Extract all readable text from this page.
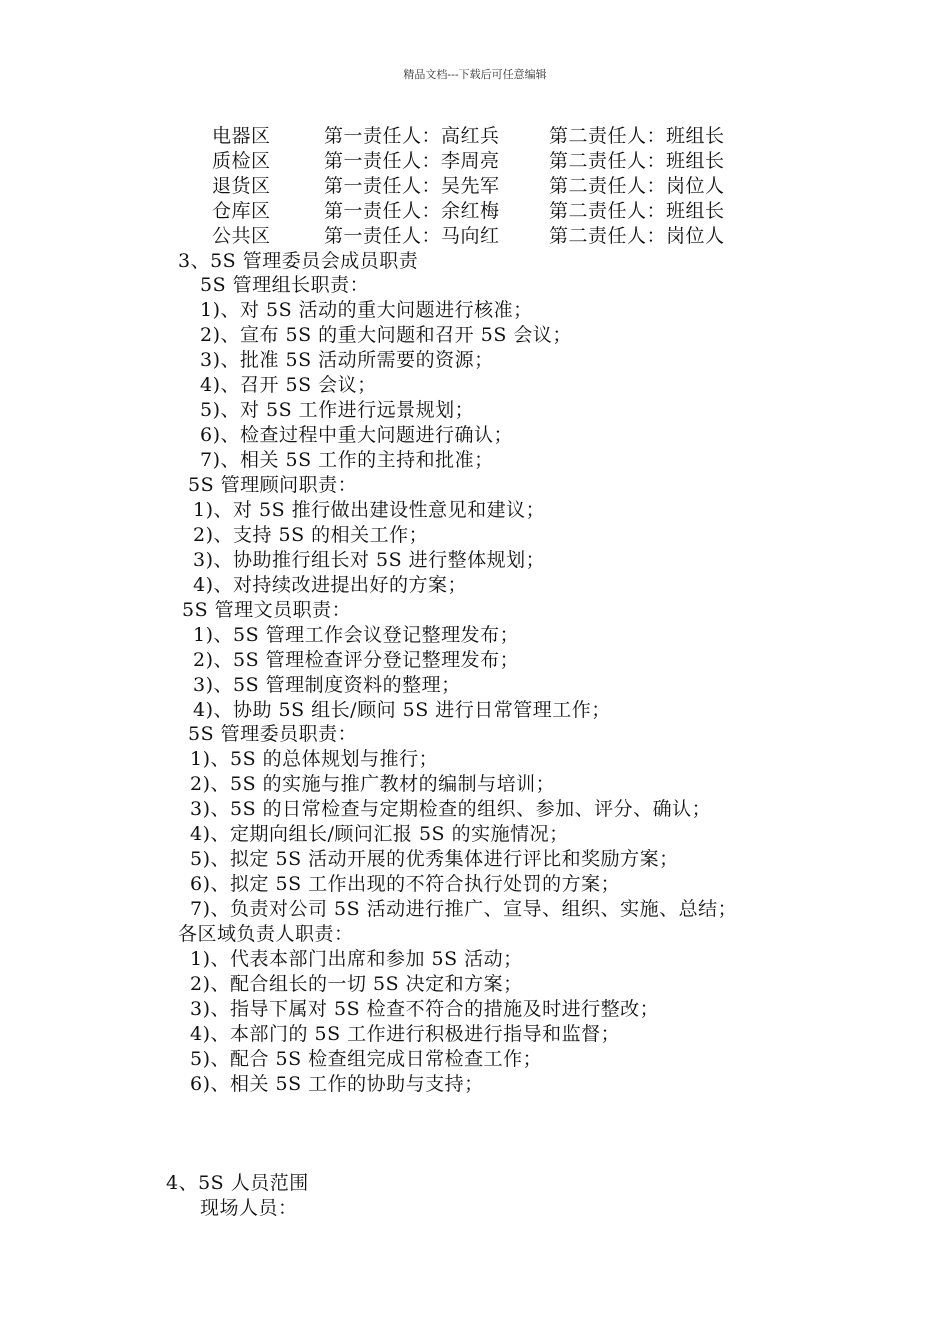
精品文档---下载后可任意编辑
电器区	第一责任人：高红兵	第二责任人：班组长
质检区	第一责任人：李周亮	第二责任人：班组长
退货区	第一责任人：吴先军	第二责任人：岗位人
仓库区	第一责任人：余红梅	第二责任人：班组长
公共区	第一责任人：马向红	第二责任人：岗位人
3、5S 管理委员会成员职责
5S 管理组长职责：
1)、对 5S 活动的重大问题进行核准；
2)、宣布 5S 的重大问题和召开 5S 会议；
3)、批准 5S 活动所需要的资源；
4)、召开 5S 会议；
5)、对 5S 工作进行远景规划；
6)、检查过程中重大问题进行确认；
7)、相关 5S 工作的主持和批准；
5S 管理顾问职责：
1)、对 5S 推行做出建设性意见和建议；
2)、支持 5S 的相关工作；
3)、协助推行组长对 5S 进行整体规划；
4)、对持续改进提出好的方案；
5S 管理文员职责：
1)、5S 管理工作会议登记整理发布；
2)、5S 管理检查评分登记整理发布；
3)、5S 管理制度资料的整理；
4)、协助 5S 组长/顾问 5S 进行日常管理工作；
5S 管理委员职责：
1)、5S 的总体规划与推行；
2)、5S 的实施与推广教材的编制与培训；
3)、5S 的日常检查与定期检查的组织、参加、评分、确认；
4)、定期向组长/顾问汇报 5S 的实施情况；
5)、拟定 5S 活动开展的优秀集体进行评比和奖励方案；
6)、拟定 5S 工作出现的不符合执行处罚的方案；
7)、负责对公司 5S 活动进行推广、宣导、组织、实施、总结；
各区域负责人职责：
1)、代表本部门出席和参加 5S 活动；
2)、配合组长的一切 5S 决定和方案；
3)、指导下属对 5S 检查不符合的措施及时进行整改；
4)、本部门的 5S 工作进行积极进行指导和监督；
5)、配合 5S 检查组完成日常检查工作；
6)、相关 5S 工作的协助与支持；
4、5S 人员范围
现场人员：
